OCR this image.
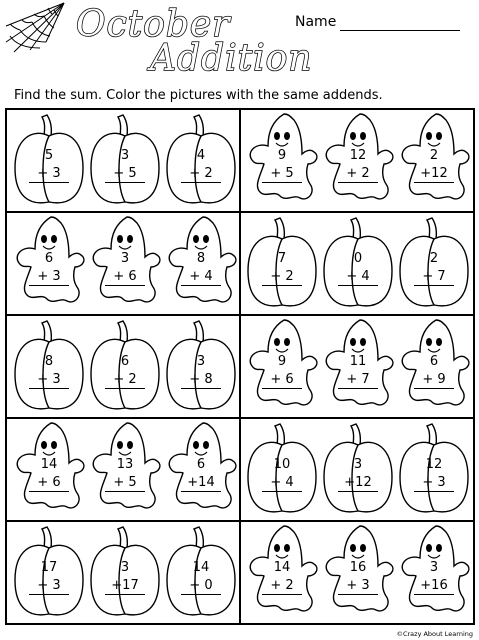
October
Addition
Name
Find the sum. Color the pictures with the same addends.
5
+ 3
3
+ 5
4
+ 2
9
+ 5
12
+ 2
2
+12
6
+ 3
3
+ 6
8
+ 4
7
+ 2
0
+ 4
2
+ 7
8
+ 3
6
+ 2
3
+ 8
9
+ 6
11
+ 7
6
+ 9
14
+ 6
13
+ 5
6
+14
10
+ 4
3
+12
12
+ 3
17
+ 3
3
+17
14
+ 0
14
+ 2
16
+ 3
3
+16
©Crazy About Learning
